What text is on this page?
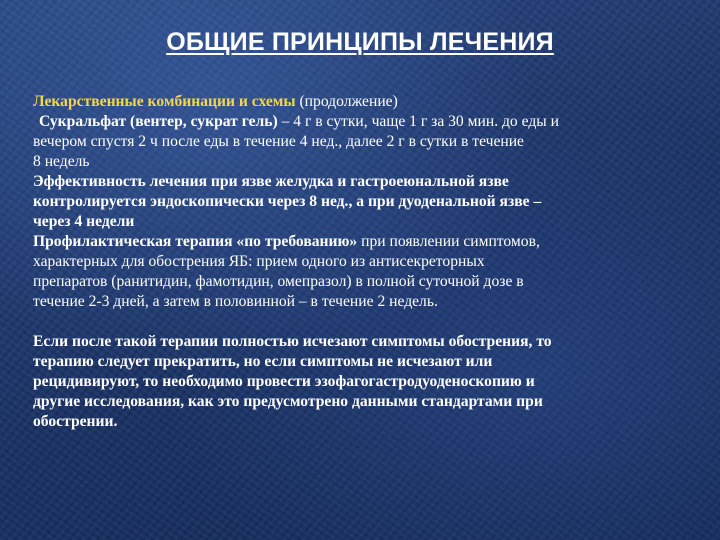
ОБЩИЕ ПРИНЦИПЫ ЛЕЧЕНИЯ

Лекарственные комбинации и схемы (продолжение)

Сукральфат (вентер, сукрат гель) – 4 г в сутки, чаще 1 г за 30 мин. до еды и
вечером спустя 2 ч после еды в течение 4 нед., далее 2 г в сутки в течение
8 недель

Эффективность лечения при язве желудка и гастроеюнальной язве
контролируется эндоскопически через 8 нед., а при дуоденальной язве –
через 4 недели

Профилактическая терапия «по требованию» при появлении симптомов,
характерных для обострения ЯБ: прием одного из антисекреторных
препаратов (ранитидин, фамотидин, омепразол) в полной суточной дозе в
течение 2-3 дней, а затем в половинной – в течение 2 недель.

Если после такой терапии полностью исчезают симптомы обострения, то
терапию следует прекратить, но если симптомы не исчезают или
рецидивируют, то необходимо провести эзофагогастродуоденоскопию и
другие исследования, как это предусмотрено данными стандартами при
обострении.
